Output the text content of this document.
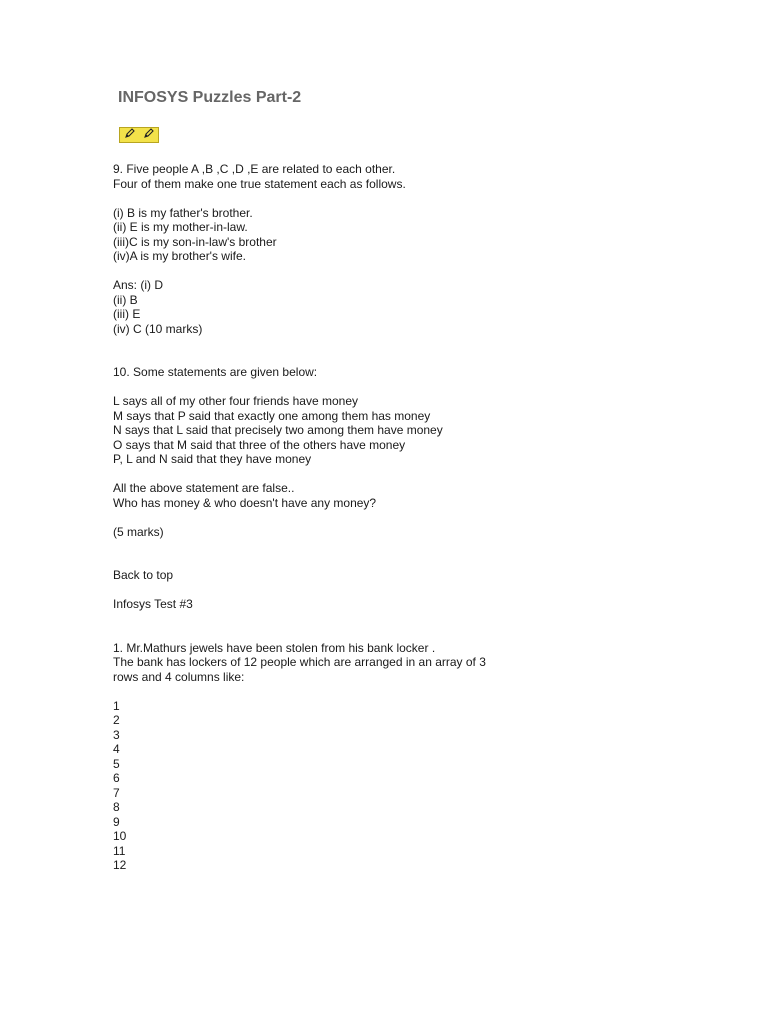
INFOSYS Puzzles Part-2
9. Five people A ,B ,C ,D ,E are related to each other.
Four of them make one true statement each as follows.
(i) B is my father's brother.
(ii) E is my mother-in-law.
(iii)C is my son-in-law's brother
(iv)A is my brother's wife.
Ans: (i) D
(ii) B
(iii) E
(iv) C (10 marks)
10. Some statements are given below:
L says all of my other four friends have money
M says that P said that exactly one among them has money
N says that L said that precisely two among them have money
O says that M said that three of the others have money
P, L and N said that they have money
All the above statement are false..
Who has money & who doesn't have any money?
(5 marks)
Back to top
Infosys Test #3
1. Mr.Mathurs jewels have been stolen from his bank locker .
The bank has lockers of 12 people which are arranged in an array of 3
rows and 4 columns like:
1
2
3
4
5
6
7
8
9
10
11
12
